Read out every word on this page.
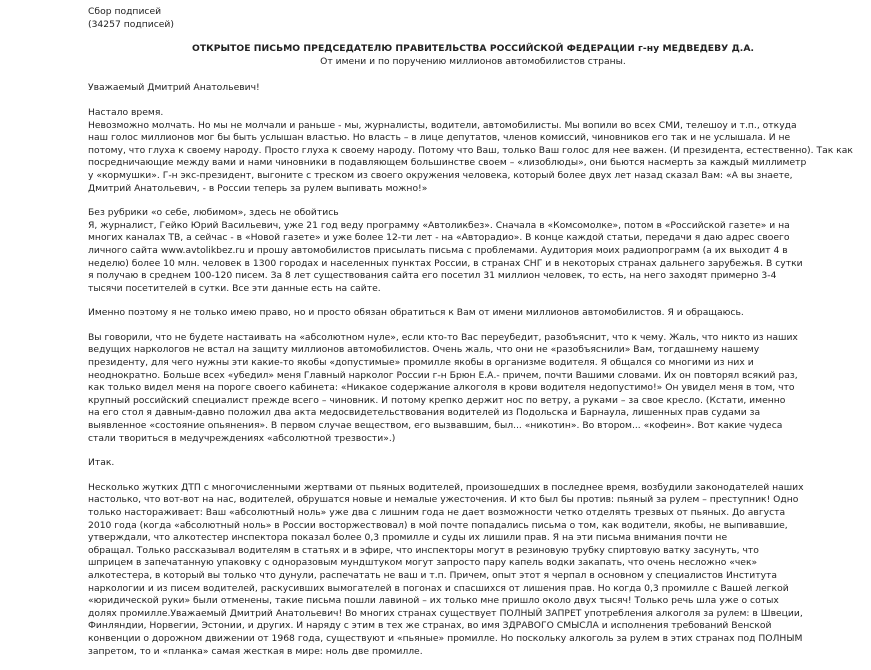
Сбор подписей
(34257 подписей)
ОТКРЫТОЕ ПИСЬМО ПРЕДСЕДАТЕЛЮ ПРАВИТЕЛЬСТВА РОССИЙСКОЙ ФЕДЕРАЦИИ г-ну МЕДВЕДЕВУ Д.А.
От имени и по поручению миллионов автомобилистов страны.
Уважаемый Дмитрий Анатольевич!
Настало время.
Невозможно молчать. Но мы не молчали и раньше - мы, журналисты, водители, автомобилисты. Мы вопили во всех СМИ, телешоу и т.п., откуда
наш голос миллионов мог бы быть услышан властью. Но власть – в лице депутатов, членов комиссий, чиновников его так и не услышала. И не
потому, что глуха к своему народу. Просто глуха к своему народу. Потому что Ваш, только Ваш голос для нее важен. (И президента, естественно). Так как
посредничающие между вами и нами чиновники в подавляющем большинстве своем – «лизоблюды», они бьются насмерть за каждый миллиметр
у «кормушки». Г-н экс-президент, выгоните с треском из своего окружения человека, который более двух лет назад сказал Вам: «А вы знаете,
Дмитрий Анатольевич, - в России теперь за рулем выпивать можно!»
Без рубрики «о себе, любимом», здесь не обойтись
Я, журналист, Гейко Юрий Васильевич, уже 21 год веду программу «Автоликбез». Сначала в «Комсомолке», потом в «Российской газете» и на
многих каналах ТВ, а сейчас - в «Новой газете» и уже более 12-ти лет - на «Авторадио». В конце каждой статьи, передачи я даю адрес своего
личного сайта www.avtolikbez.ru и прошу автомобилистов присылать письма с проблемами. Аудитория моих радиопрограмм (а их выходит 4 в
неделю) более 10 млн. человек в 1300 городах и населенных пунктах России, в странах СНГ и в некоторых странах дальнего зарубежья. В сутки
я получаю в среднем 100-120 писем. За 8 лет существования сайта его посетил 31 миллион человек, то есть, на него заходят примерно 3-4
тысячи посетителей в сутки. Все эти данные есть на сайте.
Именно поэтому я не только имею право, но и просто обязан обратиться к Вам от имени миллионов автомобилистов. Я и обращаюсь.
Вы говорили, что не будете настаивать на «абсолютном нуле», если кто-то Вас переубедит, разобъяснит, что к чему. Жаль, что никто из наших
ведущих наркологов не встал на защиту миллионов автомобилистов. Очень жаль, что они не «разобъяснили» Вам, тогдашнему нашему
президенту, для чего нужны эти какие-то якобы «допустимые» промилле якобы в организме водителя. Я общался со многими из них и
неоднократно. Больше всех «убедил» меня Главный нарколог России г-н Брюн Е.А.- причем, почти Вашими словами. Их он повторял всякий раз,
как только видел меня на пороге своего кабинета: «Никакое содержание алкоголя в крови водителя недопустимо!» Он увидел меня в том, что
крупный российский специалист прежде всего – чиновник. И потому крепко держит нос по ветру, а руками – за свое кресло. (Кстати, именно
на его стол я давным-давно положил два акта медосвидетельствования водителей из Подольска и Барнаула, лишенных прав судами за
выявленное «состояние опьянения». В первом случае веществом, его вызвавшим, был... «никотин». Во втором... «кофеин». Вот какие чудеса
стали твориться в медучреждениях «абсолютной трезвости».)
Итак.
Несколько жутких ДТП с многочисленными жертвами от пьяных водителей, произошедших в последнее время, возбудили законодателей наших
настолько, что вот-вот на нас, водителей, обрушатся новые и немалые ужесточения. И кто был бы против: пьяный за рулем – преступник! Одно
только настораживает: Ваш «абсолютный ноль» уже два с лишним года не дает возможности четко отделять трезвых от пьяных. До августа
2010 года (когда «абсолютный ноль» в России восторжествовал) в мой почте попадались письма о том, как водители, якобы, не выпивавшие,
утверждали, что алкотестер инспектора показал более 0,3 промилле и суды их лишили прав. Я на эти письма внимания почти не
обращал. Только рассказывал водителям в статьях и в эфире, что инспекторы могут в резиновую трубку спиртовую ватку засунуть, что
шприцем в запечатанную упаковку с одноразовым мундштуком могут запросто пару капель водки закапать, что очень несложно «чек»
алкотестера, в который вы только что дунули, распечатать не ваш и т.п. Причем, опыт этот я черпал в основном у специалистов Института
наркологии и из писем водителей, раскусивших вымогателей в погонах и спасшихся от лишения прав. Но когда 0,3 промилле с Вашей легкой
«юридической руки» были отменены, такие письма пошли лавиной – их только мне пришло около двух тысяч! Только речь шла уже о сотых
долях промилле.Уважаемый Дмитрий Анатольевич! Во многих странах существует ПОЛНЫЙ ЗАПРЕТ употребления алкоголя за рулем: в Швеции,
Финляндии, Норвегии, Эстонии, и других. И наряду с этим в тех же странах, во имя ЗДРАВОГО СМЫСЛА и исполнения требований Венской
конвенции о дорожном движении от 1968 года, существуют и «пьяные» промилле. Но поскольку алкоголь за рулем в этих странах под ПОЛНЫМ
запретом, то и «планка» самая жесткая в мире: ноль две промилле.
